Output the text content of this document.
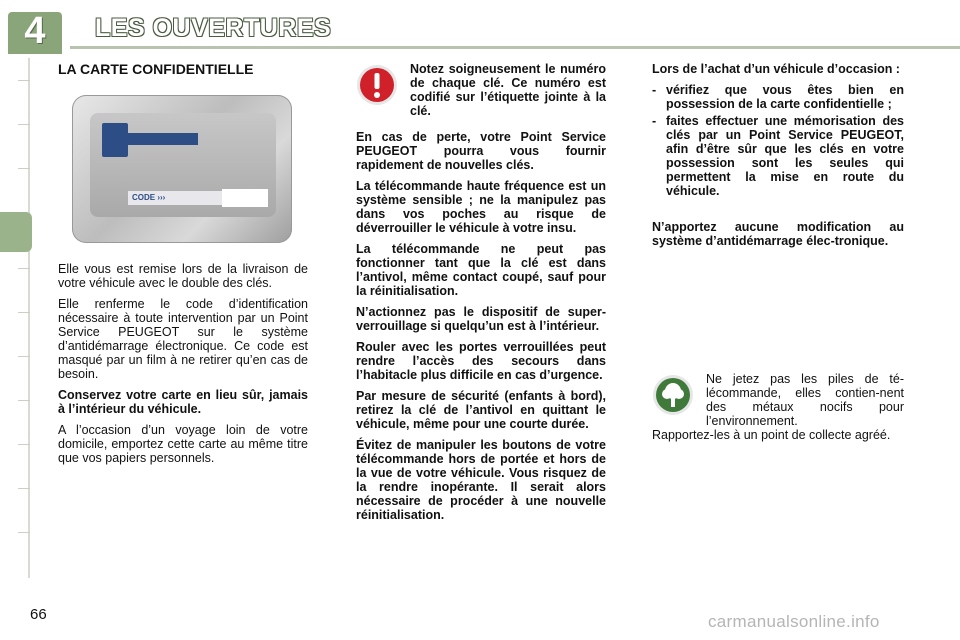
4	LES OUVERTURES
LA CARTE CONFIDENTIELLE
CODE ›››

Elle vous est remise lors de la livraison de votre véhicule avec le double des clés.

Elle renferme le code d’identification nécessaire à toute intervention par un Point Service PEUGEOT sur le système d’antidémarrage électronique. Ce code est masqué par un film à ne retirer qu’en cas de besoin.

Conservez votre carte en lieu sûr, jamais à l’intérieur du véhicule.

A l’occasion d’un voyage loin de votre domicile, emportez cette carte au même titre que vos papiers personnels.

Notez soigneusement le numéro de chaque clé. Ce numéro est codifié sur l’étiquette jointe à la clé.

En cas de perte, votre Point Service PEUGEOT pourra vous fournir rapidement de nouvelles clés.

La télécommande haute fréquence est un système sensible ; ne la manipulez pas dans vos poches au risque de déverrouiller le véhicule à votre insu.

La télécommande ne peut pas fonctionner tant que la clé est dans l’antivol, même contact coupé, sauf pour la réinitialisation.

N’actionnez pas le dispositif de super-verrouillage si quelqu’un est à l’intérieur.

Rouler avec les portes verrouillées peut rendre l’accès des secours dans l’habitacle plus difficile en cas d’urgence.

Par mesure de sécurité (enfants à bord), retirez la clé de l’antivol en quittant le véhicule, même pour une courte durée.

Évitez de manipuler les boutons de votre télécommande hors de portée et hors de la vue de votre véhicule. Vous risquez de la rendre inopérante. Il serait alors nécessaire de procéder à une nouvelle réinitialisation.

Lors de l’achat d’un véhicule d’occasion :

- vérifiez que vous êtes bien en possession de la carte confidentielle ;
- faites effectuer une mémorisation des clés par un Point Service PEUGEOT, afin d’être sûr que les clés en votre possession sont les seules qui permettent la mise en route du véhicule.

N’apportez aucune modification au système d’antidémarrage élec-tronique.

Ne jetez pas les piles de té-lécommande, elles contien-nent des métaux nocifs pour l’environnement.

Rapportez-les à un point de collecte agréé.

66	carmanualsonline.info
